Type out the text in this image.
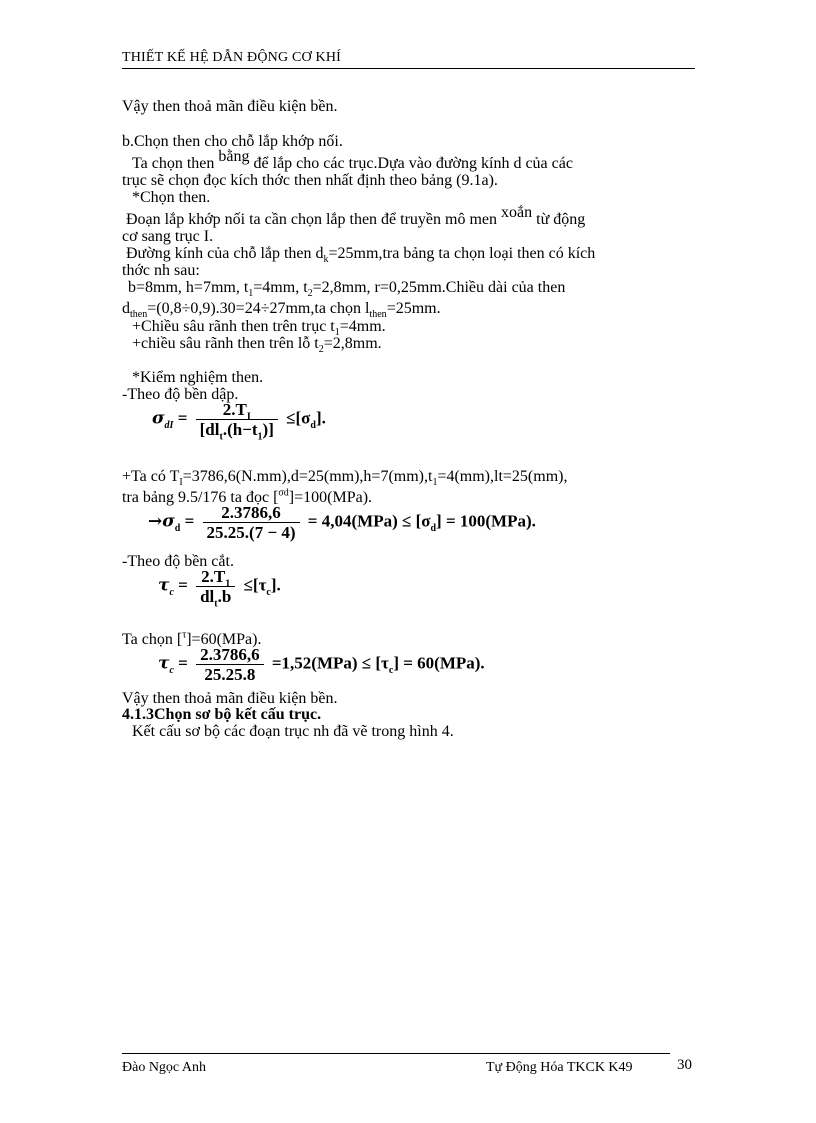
THIẾT KẾ HỆ DẪN ĐỘNG CƠ KHÍ
Vậy then thoả mãn điều kiện bền.
b.Chọn then cho chỗ lắp khớp nối.
Ta chọn then bằng để lắp cho các trục.Dựa vào đường kính d của các
trục sẽ chọn đọc kích thớc then nhất định theo bảng (9.1a).
*Chọn then.
Đoạn lắp khớp nối ta cần chọn lắp then để truyền mô men xoắn từ động
cơ sang trục I.
Đường kính của chỗ lắp then $d_k=25mm,tra$ bảng ta chọn loại then có kích
thớc nh sau:
b=8mm, h=7mm, $t_1=4mm$, $t_2=2,8mm$, r=0,25mm.Chiều dài của then
$d_{then}=(0,8\div 0,9).30=24\div 27mm,ta$ chọn $l_{then}=25mm$.
+Chiều sâu rãnh then trên trục $t_1=4mm$.
+chiều sâu rãnh then trên lỗ $t_2=2,8mm$.
*Kiểm nghiệm then.
-Theo độ bền dập.
$\sigma_{dI} = \frac{2.T_I}{[dl_t.(h-t_1)]} \le[\sigma_d]$.
+Ta có $T_I=3786,6(N.mm),d=25(mm),h=7(mm),t_1=4(mm),lt=25(mm)$,
tra bảng 9.5/176 ta đọc [$^{\sigma d}$]=100(MPa).
$\to\sigma_d = \frac{2.3786,6}{25.25.(7 - 4)} = 4,04(MPa) \le [\sigma_d] = 100(MPa)$.
-Theo độ bền cắt.
$\tau_c = \frac{2.T_1}{dl_t.b} \le[\tau_c]$.
Ta chọn [$^\tau$]=60(MPa).
$\tau_c = \frac{2.3786,6}{25.25.8} =1,52(MPa) \le [\tau_c] = 60(MPa)$.
Vậy then thoả mãn điều kiện bền.
4.1.3Chọn sơ bộ kết cấu trục.
Kết cấu sơ bộ các đoạn trục nh đã vẽ trong hình 4.
Đào Ngọc Anh	Tự Động Hóa TKCK K49	30
